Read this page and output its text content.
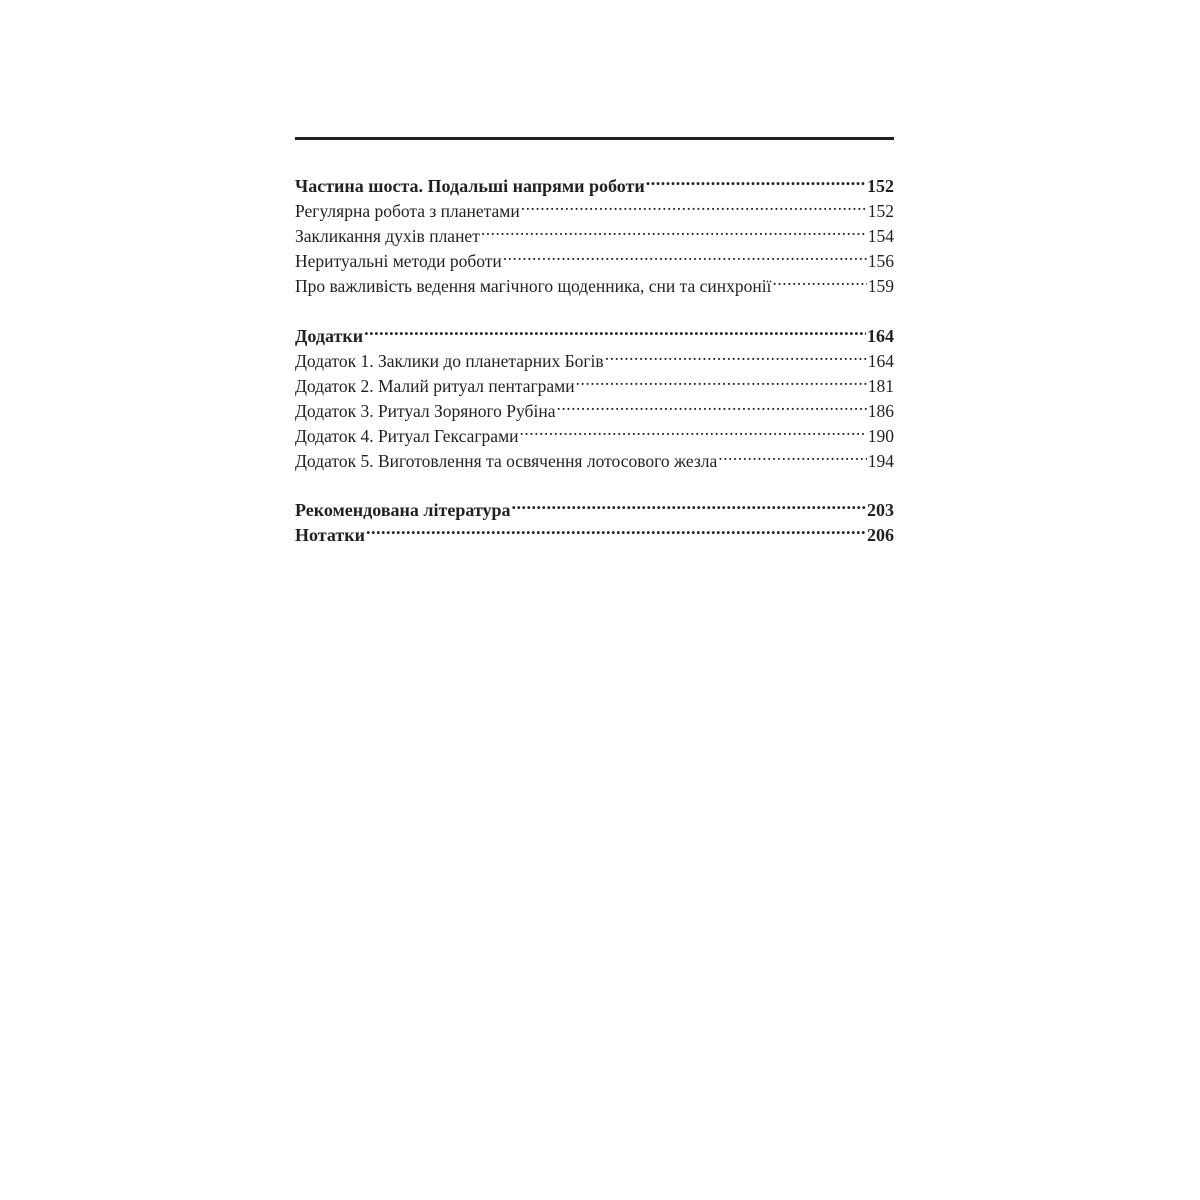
Частина шоста. Подальші напрями роботи .....	152
Регулярна робота з планетами .....	152
Закликання духів планет .....	154
Неритуальні методи роботи .....	156
Про важливість ведення магічного щоденника, сни та синхронії .....	159
Додатки .....	164
Додаток 1. Заклики до планетарних Богів .....	164
Додаток 2. Малий ритуал пентаграми .....	181
Додаток 3. Ритуал Зоряного Рубіна .....	186
Додаток 4. Ритуал Гексаграми .....	190
Додаток 5. Виготовлення та освячення лотосового жезла .....	194
Рекомендована література .....	203
Нотатки .....	206
